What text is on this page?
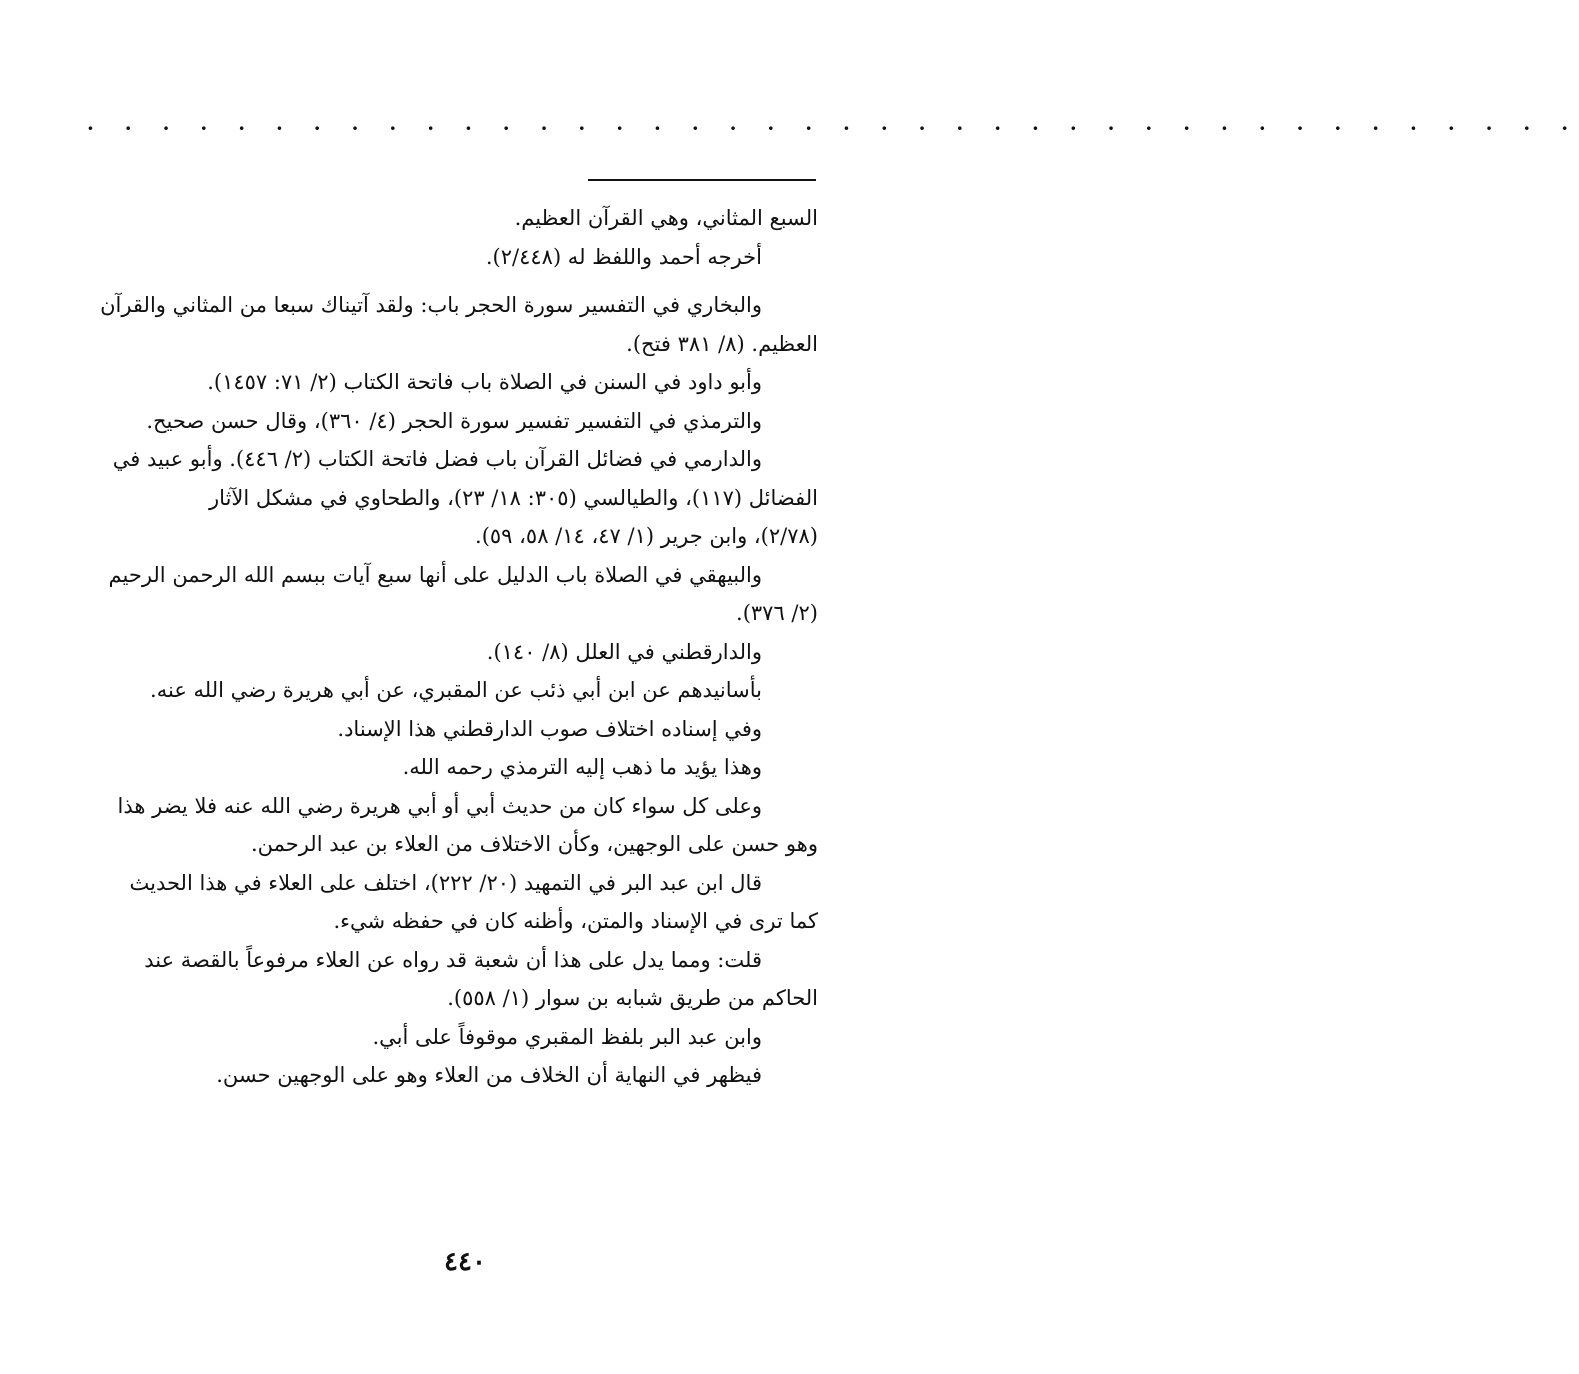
· · · · · · · · · · · · · · · · · · · · · · · · · · · · · · · · · · · · · · · ·
السبع المثاني، وهي القرآن العظيم.
أخرجه أحمد واللفظ له (٢/٤٤٨).
والبخاري في التفسير سورة الحجر باب: ولقد آتيناك سبعا من المثاني والقرآن
العظيم. (٨/ ٣٨١ فتح).
وأبو داود في السنن في الصلاة باب فاتحة الكتاب (٢/ ٧١: ١٤٥٧).
والترمذي في التفسير تفسير سورة الحجر (٤/ ٣٦٠)، وقال حسن صحيح.
والدارمي في فضائل القرآن باب فضل فاتحة الكتاب (٢/ ٤٤٦). وأبو عبيد في
الفضائل (١١٧)، والطيالسي (٣٠٥: ١٨/ ٢٣)، والطحاوي في مشكل الآثار
(٢/٧٨)، وابن جرير (١/ ٤٧، ١٤/ ٥٨، ٥٩).
والبيهقي في الصلاة باب الدليل على أنها سبع آيات ببسم الله الرحمن الرحيم
(٢/ ٣٧٦).
والدارقطني في العلل (٨/ ١٤٠).
بأسانيدهم عن ابن أبي ذئب عن المقبري، عن أبي هريرة رضي الله عنه.
وفي إسناده اختلاف صوب الدارقطني هذا الإسناد.
وهذا يؤيد ما ذهب إليه الترمذي رحمه الله.
وعلى كل سواء كان من حديث أبي أو أبي هريرة رضي الله عنه فلا يضر هذا
وهو حسن على الوجهين، وكأن الاختلاف من العلاء بن عبد الرحمن.
قال ابن عبد البر في التمهيد (٢٠/ ٢٢٢)، اختلف على العلاء في هذا الحديث
كما ترى في الإسناد والمتن، وأظنه كان في حفظه شيء.
قلت: ومما يدل على هذا أن شعبة قد رواه عن العلاء مرفوعاً بالقصة عند
الحاكم من طريق شبابه بن سوار (١/ ٥٥٨).
وابن عبد البر بلفظ المقبري موقوفاً على أبي.
فيظهر في النهاية أن الخلاف من العلاء وهو على الوجهين حسن.
٤٤٠
